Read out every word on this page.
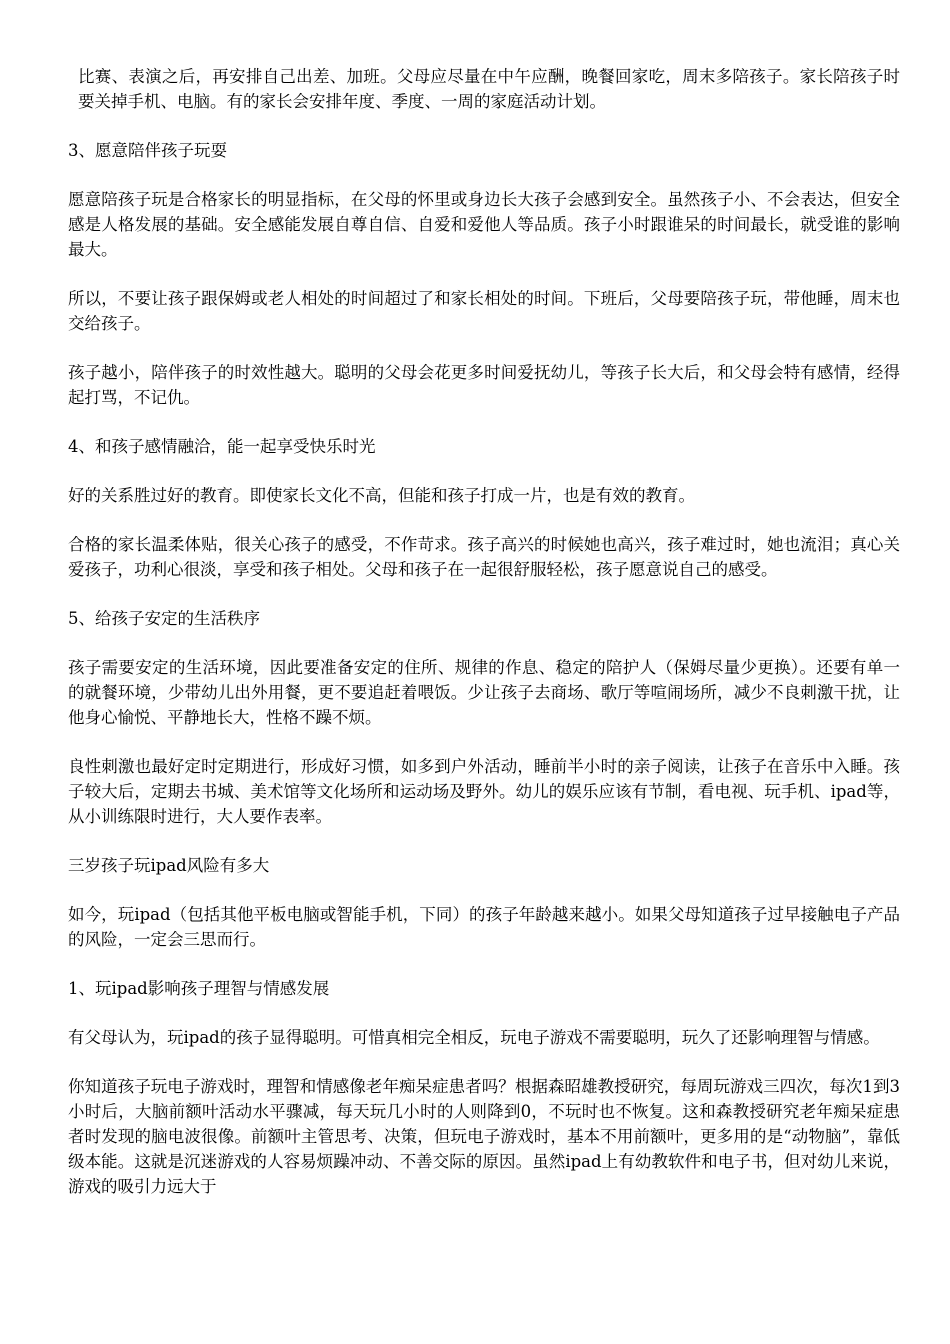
比赛、表演之后，再安排自己出差、加班。父母应尽量在中午应酬，晚餐回家吃，周末多陪孩子。家长陪孩子时要关掉手机、电脑。有的家长会安排年度、季度、一周的家庭活动计划。

3、愿意陪伴孩子玩耍

愿意陪孩子玩是合格家长的明显指标，在父母的怀里或身边长大孩子会感到安全。虽然孩子小、不会表达，但安全感是人格发展的基础。安全感能发展自尊自信、自爱和爱他人等品质。孩子小时跟谁呆的时间最长，就受谁的影响最大。

所以，不要让孩子跟保姆或老人相处的时间超过了和家长相处的时间。下班后，父母要陪孩子玩，带他睡，周末也交给孩子。

孩子越小，陪伴孩子的时效性越大。聪明的父母会花更多时间爱抚幼儿，等孩子长大后，和父母会特有感情，经得起打骂，不记仇。

4、和孩子感情融洽，能一起享受快乐时光

好的关系胜过好的教育。即使家长文化不高，但能和孩子打成一片，也是有效的教育。

合格的家长温柔体贴，很关心孩子的感受，不作苛求。孩子高兴的时候她也高兴，孩子难过时，她也流泪；真心关爱孩子，功利心很淡，享受和孩子相处。父母和孩子在一起很舒服轻松，孩子愿意说自己的感受。

5、给孩子安定的生活秩序

孩子需要安定的生活环境，因此要准备安定的住所、规律的作息、稳定的陪护人（保姆尽量少更换）。还要有单一的就餐环境，少带幼儿出外用餐，更不要追赶着喂饭。少让孩子去商场、歌厅等喧闹场所，减少不良刺激干扰，让他身心愉悦、平静地长大，性格不躁不烦。

良性刺激也最好定时定期进行，形成好习惯，如多到户外活动，睡前半小时的亲子阅读，让孩子在音乐中入睡。孩子较大后，定期去书城、美术馆等文化场所和运动场及野外。幼儿的娱乐应该有节制，看电视、玩手机、ipad等，从小训练限时进行，大人要作表率。

三岁孩子玩ipad风险有多大

如今，玩ipad（包括其他平板电脑或智能手机，下同）的孩子年龄越来越小。如果父母知道孩子过早接触电子产品的风险，一定会三思而行。

1、玩ipad影响孩子理智与情感发展

有父母认为，玩ipad的孩子显得聪明。可惜真相完全相反，玩电子游戏不需要聪明，玩久了还影响理智与情感。

你知道孩子玩电子游戏时，理智和情感像老年痴呆症患者吗？根据森昭雄教授研究，每周玩游戏三四次，每次1到3小时后，大脑前额叶活动水平骤减，每天玩几小时的人则降到0，不玩时也不恢复。这和森教授研究老年痴呆症患者时发现的脑电波很像。前额叶主管思考、决策，但玩电子游戏时，基本不用前额叶，更多用的是“动物脑”，靠低级本能。这就是沉迷游戏的人容易烦躁冲动、不善交际的原因。虽然ipad上有幼教软件和电子书，但对幼儿来说，游戏的吸引力远大于
